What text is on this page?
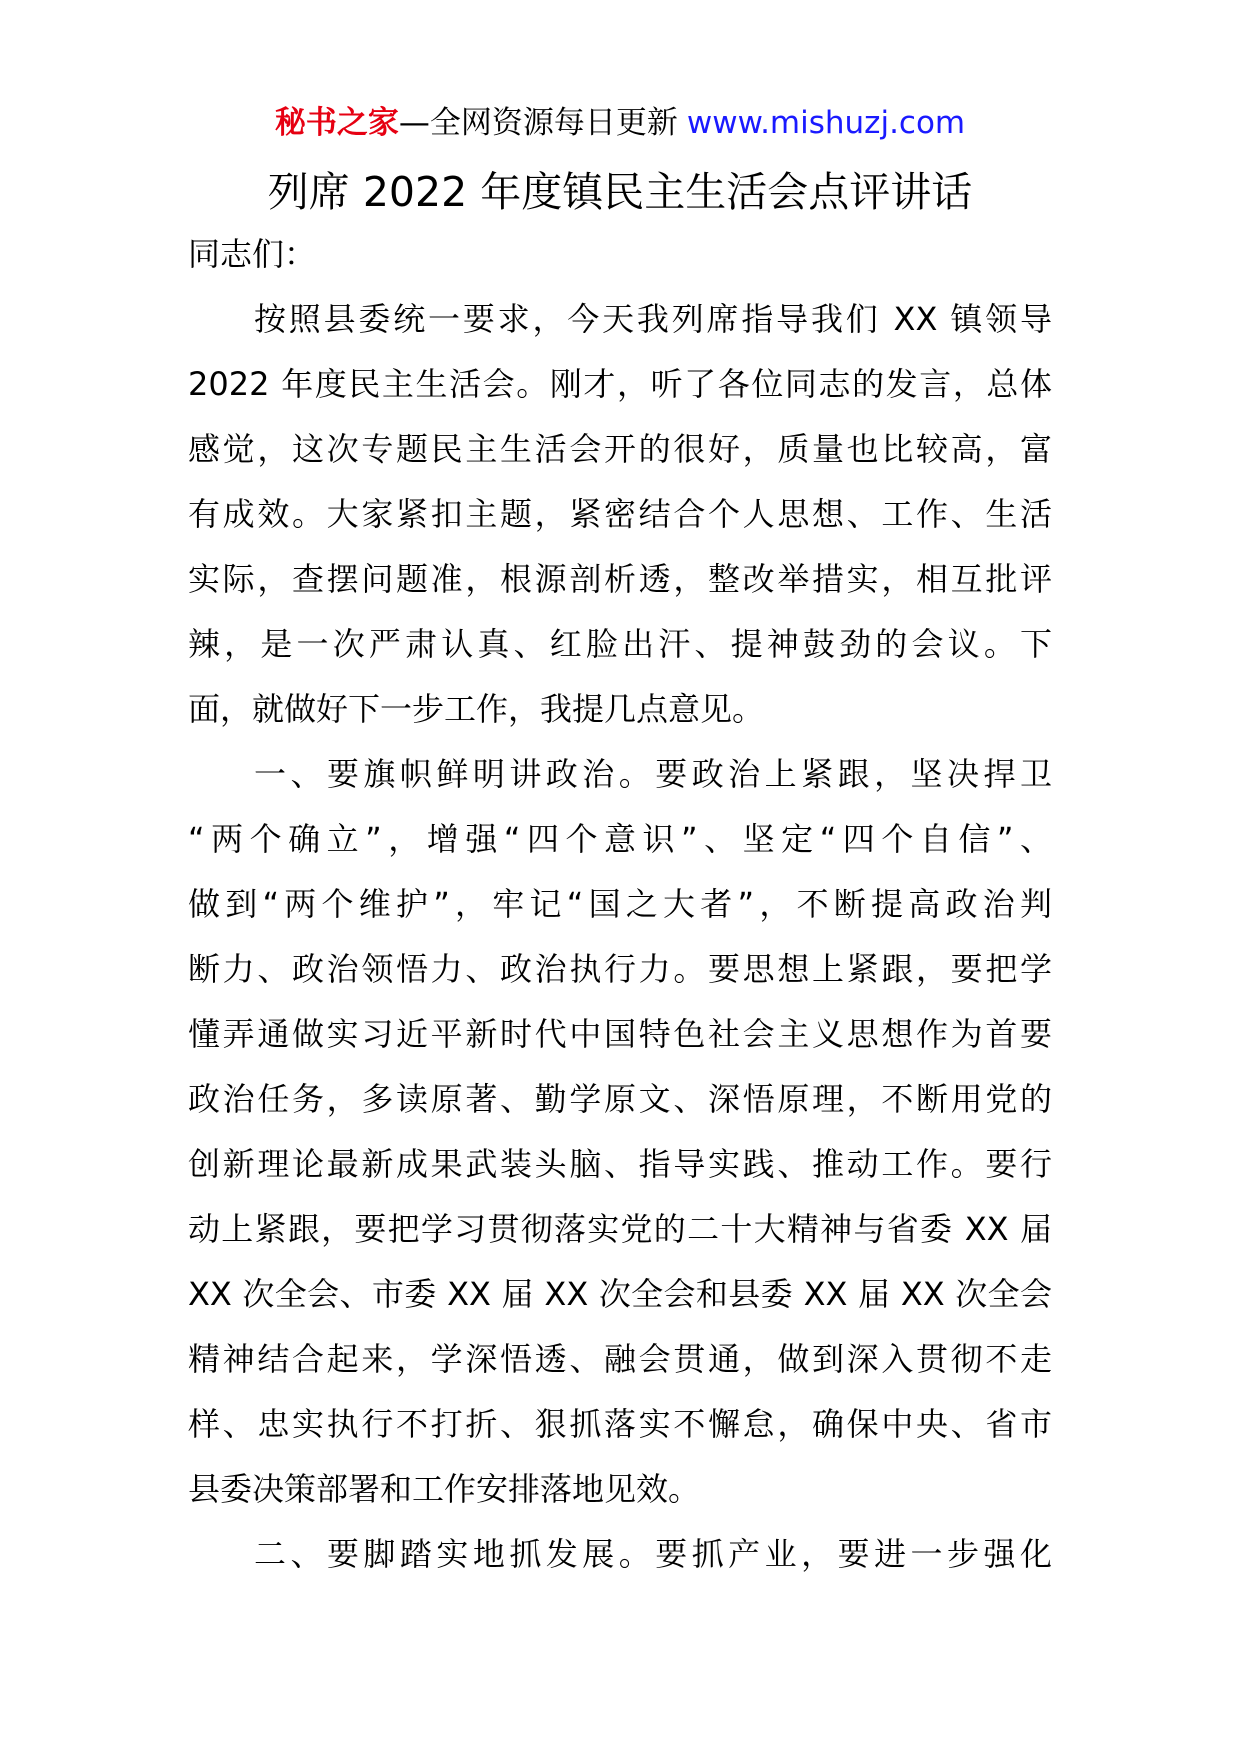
秘书之家—全网资源每日更新 www.mishuzj.com
列席 2022 年度镇民主生活会点评讲话
同志们：
按照县委统一要求，今天我列席指导我们 XX 镇领导
2022 年度民主生活会。刚才，听了各位同志的发言，总体
感觉，这次专题民主生活会开的很好，质量也比较高，富
有成效。大家紧扣主题，紧密结合个人思想、工作、生活
实际，查摆问题准，根源剖析透，整改举措实，相互批评
辣，是一次严肃认真、红脸出汗、提神鼓劲的会议。下
面，就做好下一步工作，我提几点意见。
一、要旗帜鲜明讲政治。要政治上紧跟，坚决捍卫
“两个确立”，增强“四个意识”、坚定“四个自信”、
做到“两个维护”，牢记“国之大者”，不断提高政治判
断力、政治领悟力、政治执行力。要思想上紧跟，要把学
懂弄通做实习近平新时代中国特色社会主义思想作为首要
政治任务，多读原著、勤学原文、深悟原理，不断用党的
创新理论最新成果武装头脑、指导实践、推动工作。要行
动上紧跟，要把学习贯彻落实党的二十大精神与省委 XX 届
XX 次全会、市委 XX 届 XX 次全会和县委 XX 届 XX 次全会
精神结合起来，学深悟透、融会贯通，做到深入贯彻不走
样、忠实执行不打折、狠抓落实不懈怠，确保中央、省市
县委决策部署和工作安排落地见效。
二、要脚踏实地抓发展。要抓产业，要进一步强化
